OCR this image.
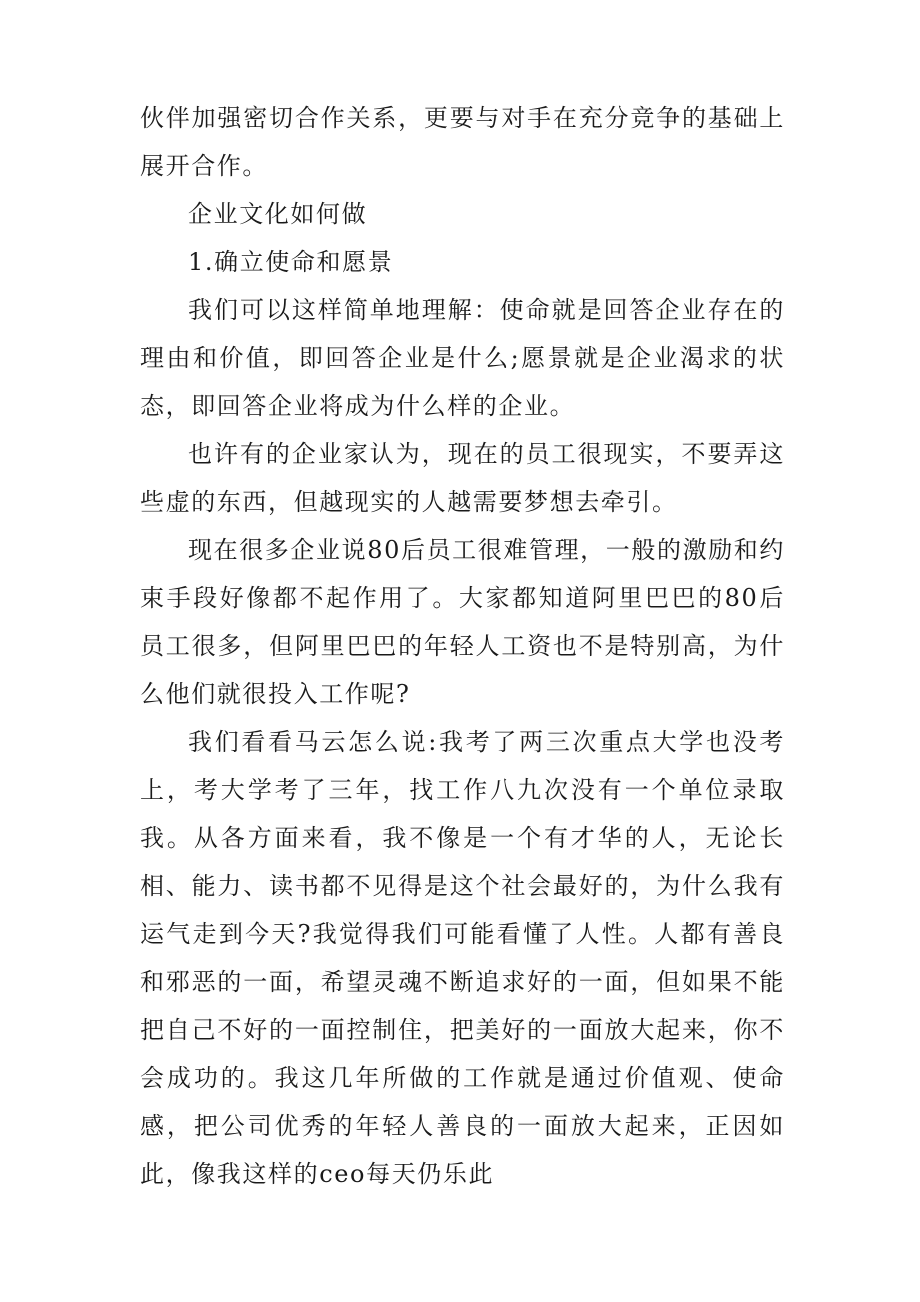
伙伴加强密切合作关系，更要与对手在充分竞争的基础上展开合作。

企业文化如何做

1.确立使命和愿景

我们可以这样简单地理解：使命就是回答企业存在的理由和价值，即回答企业是什么;愿景就是企业渴求的状态，即回答企业将成为什么样的企业。

也许有的企业家认为，现在的员工很现实，不要弄这些虚的东西，但越现实的人越需要梦想去牵引。

现在很多企业说80后员工很难管理，一般的激励和约束手段好像都不起作用了。大家都知道阿里巴巴的80后员工很多，但阿里巴巴的年轻人工资也不是特别高，为什么他们就很投入工作呢?

我们看看马云怎么说:我考了两三次重点大学也没考上，考大学考了三年，找工作八九次没有一个单位录取我。从各方面来看，我不像是一个有才华的人，无论长相、能力、读书都不见得是这个社会最好的，为什么我有运气走到今天?我觉得我们可能看懂了人性。人都有善良和邪恶的一面，希望灵魂不断追求好的一面，但如果不能把自己不好的一面控制住，把美好的一面放大起来，你不会成功的。我这几年所做的工作就是通过价值观、使命感，把公司优秀的年轻人善良的一面放大起来，正因如此，像我这样的ceo每天仍乐此
